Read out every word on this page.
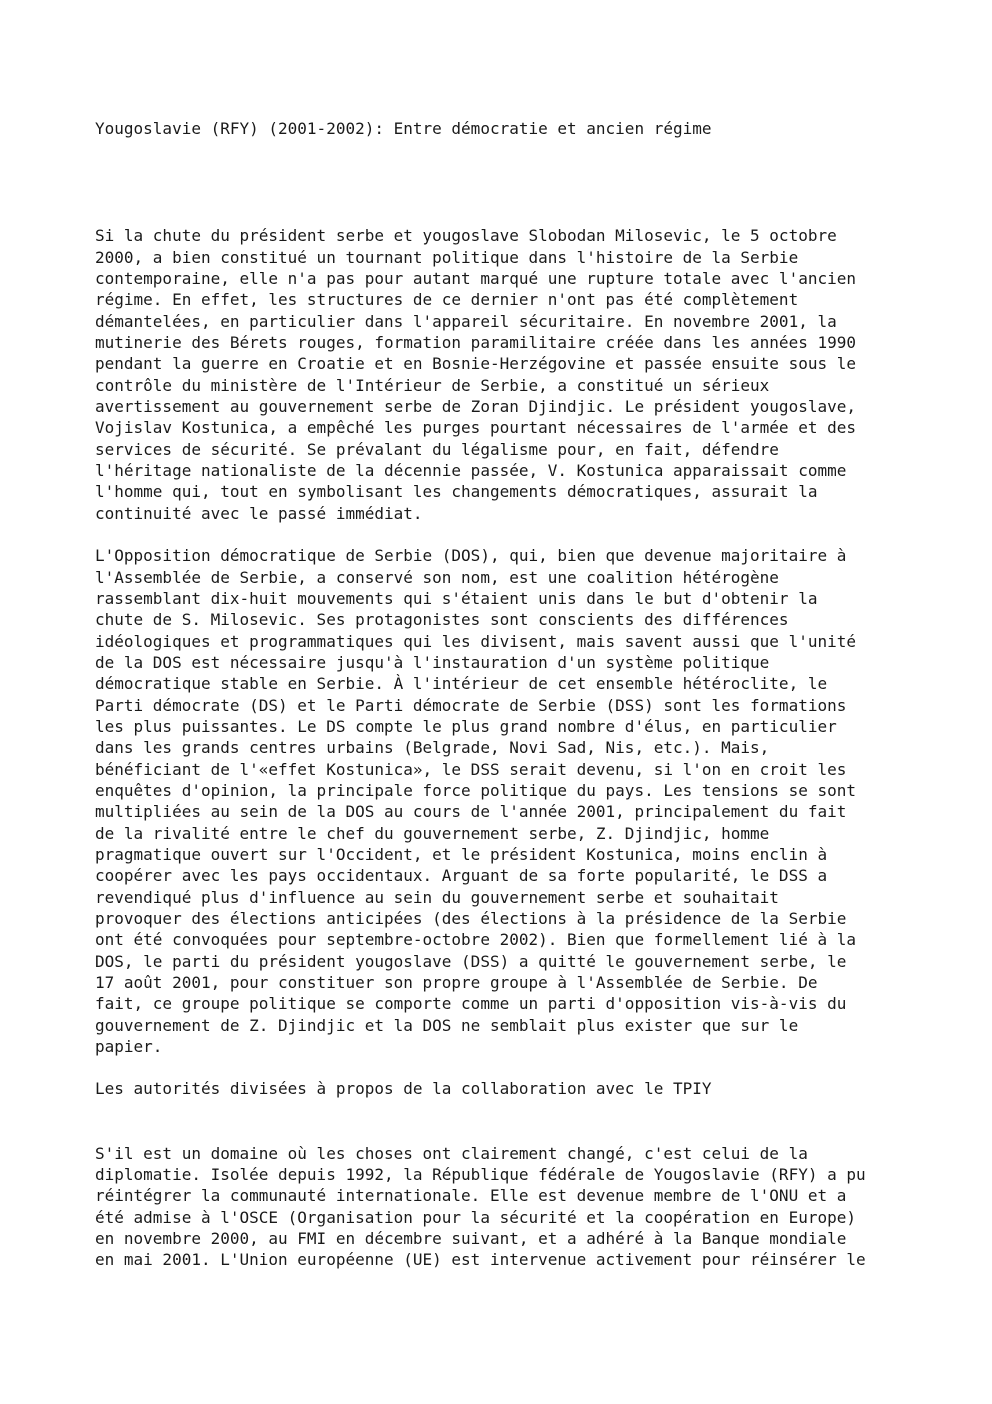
Yougoslavie (RFY) (2001-2002): Entre démocratie et ancien régime
Si la chute du président serbe et yougoslave Slobodan Milosevic, le 5 octobre
2000, a bien constitué un tournant politique dans l'histoire de la Serbie
contemporaine, elle n'a pas pour autant marqué une rupture totale avec l'ancien
régime. En effet, les structures de ce dernier n'ont pas été complètement
démantelées, en particulier dans l'appareil sécuritaire. En novembre 2001, la
mutinerie des Bérets rouges, formation paramilitaire créée dans les années 1990
pendant la guerre en Croatie et en Bosnie-Herzégovine et passée ensuite sous le
contrôle du ministère de l'Intérieur de Serbie, a constitué un sérieux
avertissement au gouvernement serbe de Zoran Djindjic. Le président yougoslave,
Vojislav Kostunica, a empêché les purges pourtant nécessaires de l'armée et des
services de sécurité. Se prévalant du légalisme pour, en fait, défendre
l'héritage nationaliste de la décennie passée, V. Kostunica apparaissait comme
l'homme qui, tout en symbolisant les changements démocratiques, assurait la
continuité avec le passé immédiat.
L'Opposition démocratique de Serbie (DOS), qui, bien que devenue majoritaire à
l'Assemblée de Serbie, a conservé son nom, est une coalition hétérogène
rassemblant dix-huit mouvements qui s'étaient unis dans le but d'obtenir la
chute de S. Milosevic. Ses protagonistes sont conscients des différences
idéologiques et programmatiques qui les divisent, mais savent aussi que l'unité
de la DOS est nécessaire jusqu'à l'instauration d'un système politique
démocratique stable en Serbie. À l'intérieur de cet ensemble hétéroclite, le
Parti démocrate (DS) et le Parti démocrate de Serbie (DSS) sont les formations
les plus puissantes. Le DS compte le plus grand nombre d'élus, en particulier
dans les grands centres urbains (Belgrade, Novi Sad, Nis, etc.). Mais,
bénéficiant de l'«effet Kostunica», le DSS serait devenu, si l'on en croit les
enquêtes d'opinion, la principale force politique du pays. Les tensions se sont
multipliées au sein de la DOS au cours de l'année 2001, principalement du fait
de la rivalité entre le chef du gouvernement serbe, Z. Djindjic, homme
pragmatique ouvert sur l'Occident, et le président Kostunica, moins enclin à
coopérer avec les pays occidentaux. Arguant de sa forte popularité, le DSS a
revendiqué plus d'influence au sein du gouvernement serbe et souhaitait
provoquer des élections anticipées (des élections à la présidence de la Serbie
ont été convoquées pour septembre-octobre 2002). Bien que formellement lié à la
DOS, le parti du président yougoslave (DSS) a quitté le gouvernement serbe, le
17 août 2001, pour constituer son propre groupe à l'Assemblée de Serbie. De
fait, ce groupe politique se comporte comme un parti d'opposition vis-à-vis du
gouvernement de Z. Djindjic et la DOS ne semblait plus exister que sur le
papier.
Les autorités divisées à propos de la collaboration avec le TPIY
S'il est un domaine où les choses ont clairement changé, c'est celui de la
diplomatie. Isolée depuis 1992, la République fédérale de Yougoslavie (RFY) a pu
réintégrer la communauté internationale. Elle est devenue membre de l'ONU et a
été admise à l'OSCE (Organisation pour la sécurité et la coopération en Europe)
en novembre 2000, au FMI en décembre suivant, et a adhéré à la Banque mondiale
en mai 2001. L'Union européenne (UE) est intervenue activement pour réinsérer le
